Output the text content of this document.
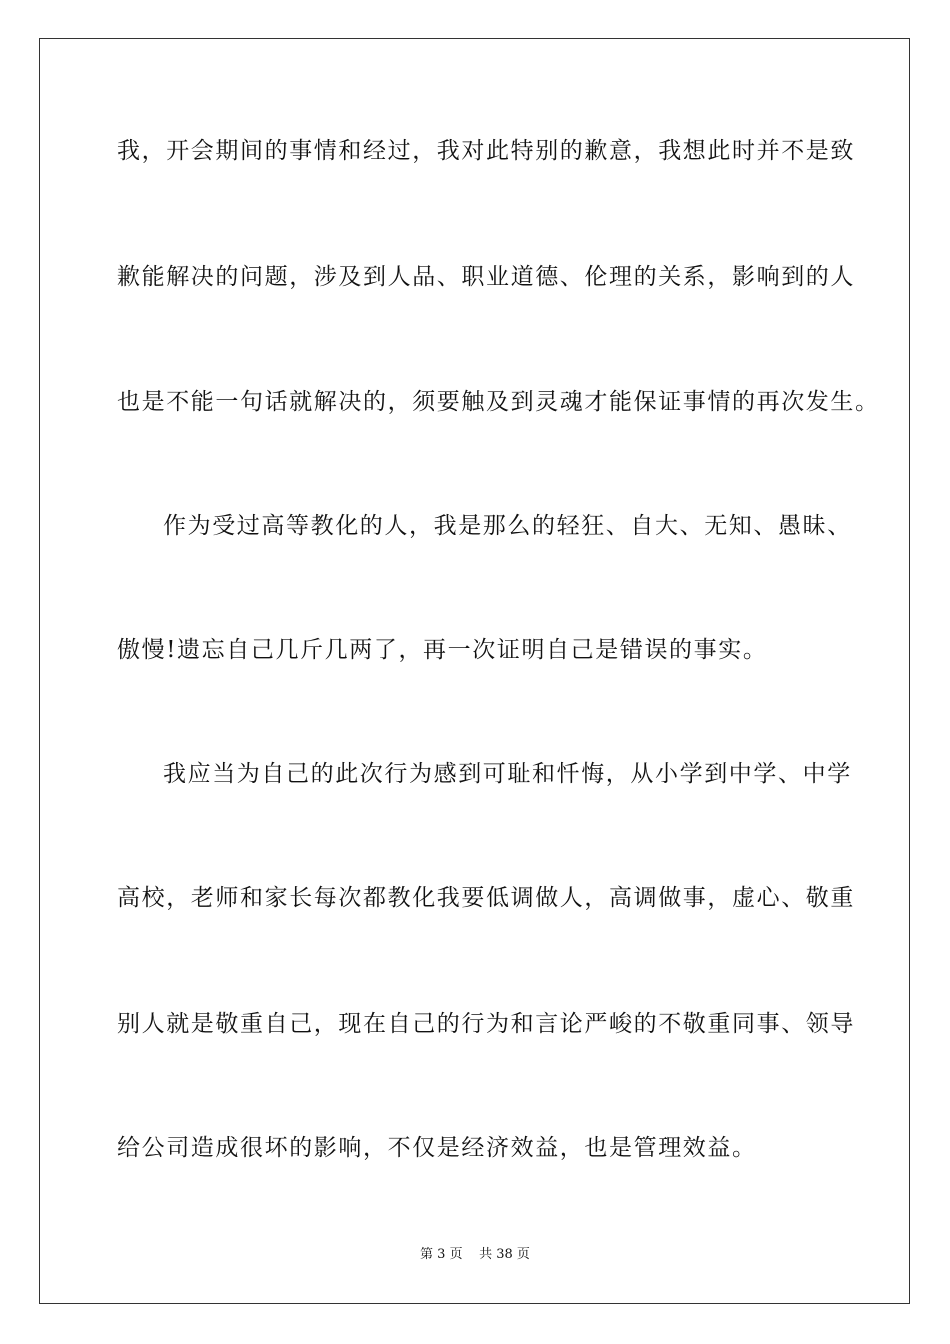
我，开会期间的事情和经过，我对此特别的歉意，我想此时并不是致
歉能解决的问题，涉及到人品、职业道德、伦理的关系，影响到的人
也是不能一句话就解决的，须要触及到灵魂才能保证事情的再次发生。
作为受过高等教化的人，我是那么的轻狂、自大、无知、愚昧、
傲慢!遗忘自己几斤几两了，再一次证明自己是错误的事实。
我应当为自己的此次行为感到可耻和忏悔，从小学到中学、中学
高校，老师和家长每次都教化我要低调做人，高调做事，虚心、敬重
别人就是敬重自己，现在自己的行为和言论严峻的不敬重同事、领导
给公司造成很坏的影响，不仅是经济效益，也是管理效益。
第 3 页 共 38 页
